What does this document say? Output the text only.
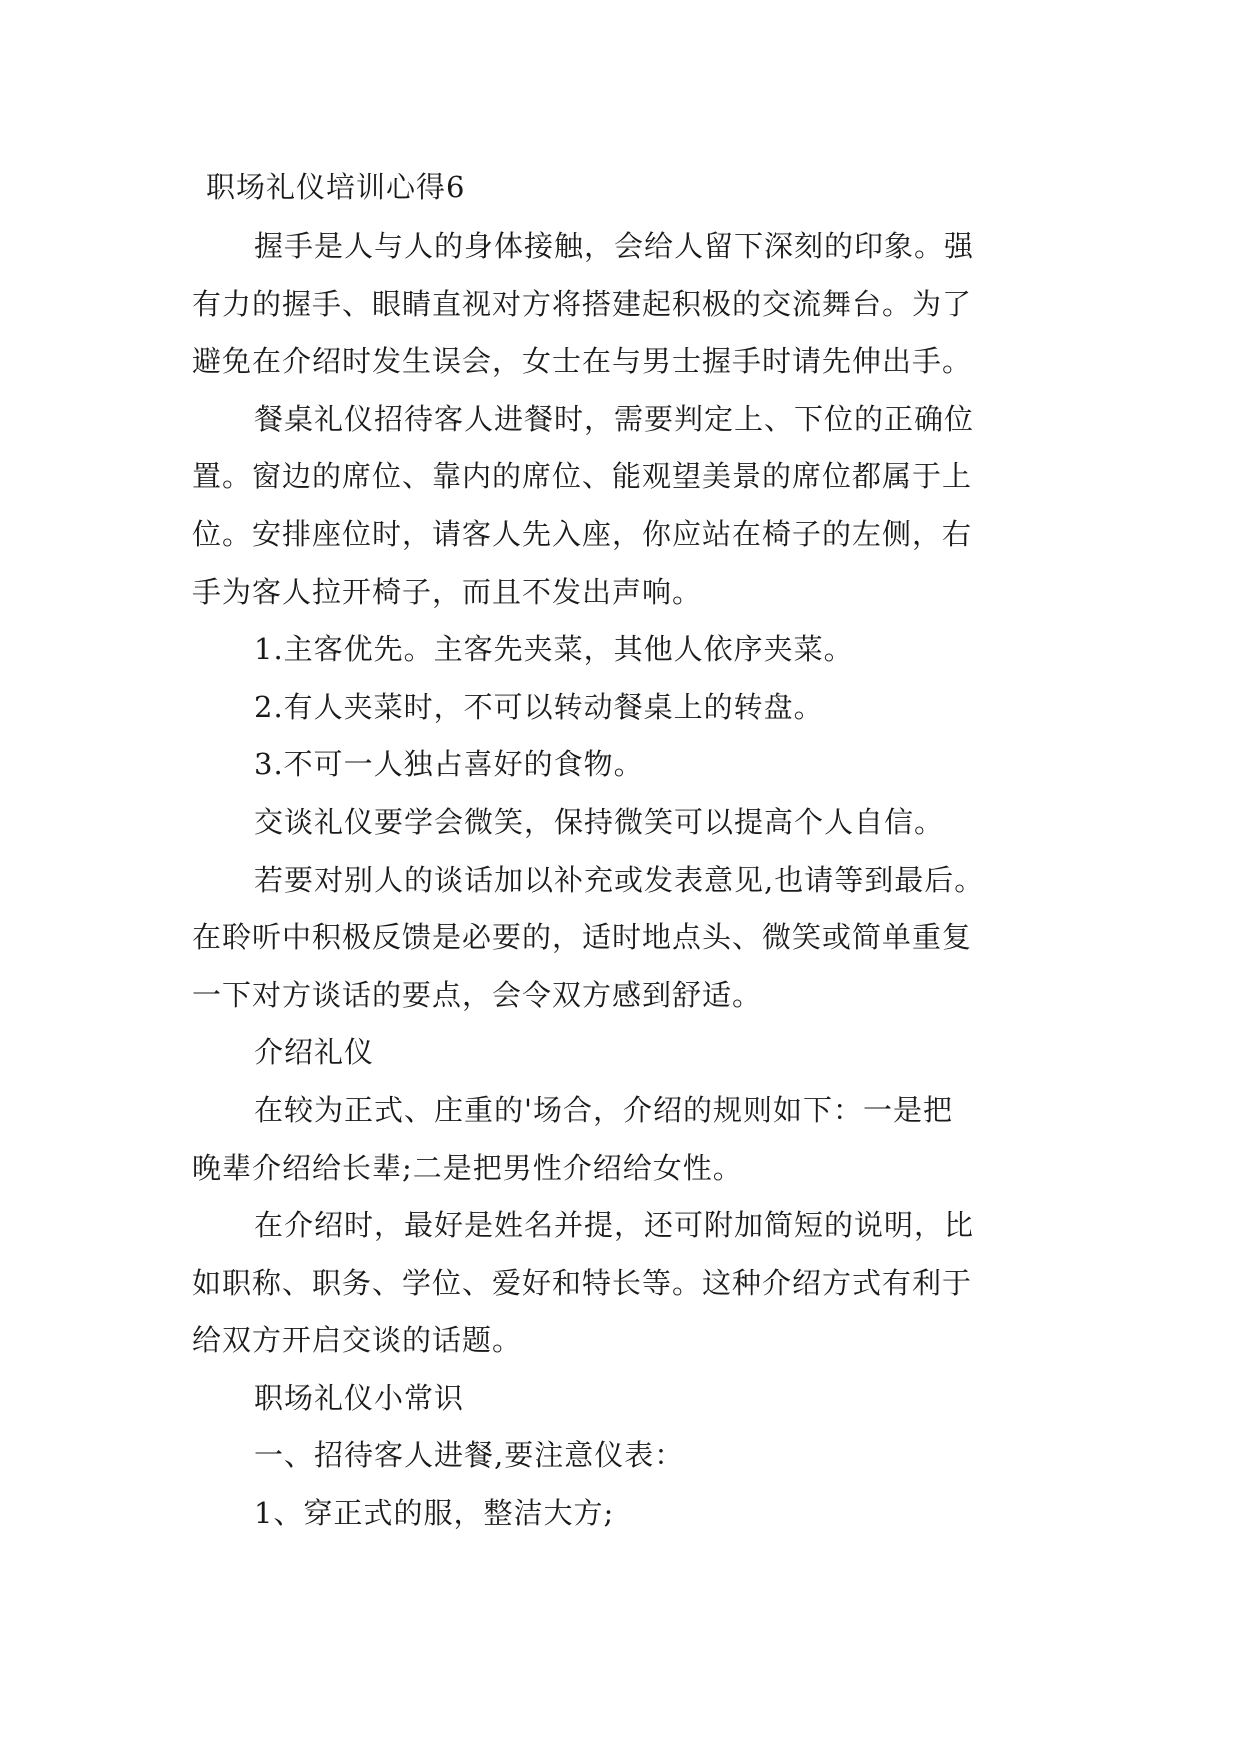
职场礼仪培训心得6

握手是人与人的身体接触，会给人留下深刻的印象。强

有力的握手、眼睛直视对方将搭建起积极的交流舞台。为了

避免在介绍时发生误会，女士在与男士握手时请先伸出手。

餐桌礼仪招待客人进餐时，需要判定上、下位的正确位

置。窗边的席位、靠内的席位、能观望美景的席位都属于上

位。安排座位时，请客人先入座，你应站在椅子的左侧，右

手为客人拉开椅子，而且不发出声响。

1.主客优先。主客先夹菜，其他人依序夹菜。

2.有人夹菜时，不可以转动餐桌上的转盘。

3.不可一人独占喜好的食物。

交谈礼仪要学会微笑，保持微笑可以提高个人自信。

若要对别人的谈话加以补充或发表意见,也请等到最后。

在聆听中积极反馈是必要的，适时地点头、微笑或简单重复

一下对方谈话的要点，会令双方感到舒适。

介绍礼仪

在较为正式、庄重的'场合，介绍的规则如下：一是把

晚辈介绍给长辈;二是把男性介绍给女性。

在介绍时，最好是姓名并提，还可附加简短的说明，比

如职称、职务、学位、爱好和特长等。这种介绍方式有利于

给双方开启交谈的话题。

职场礼仪小常识

一、招待客人进餐,要注意仪表：

1、穿正式的服，整洁大方;
